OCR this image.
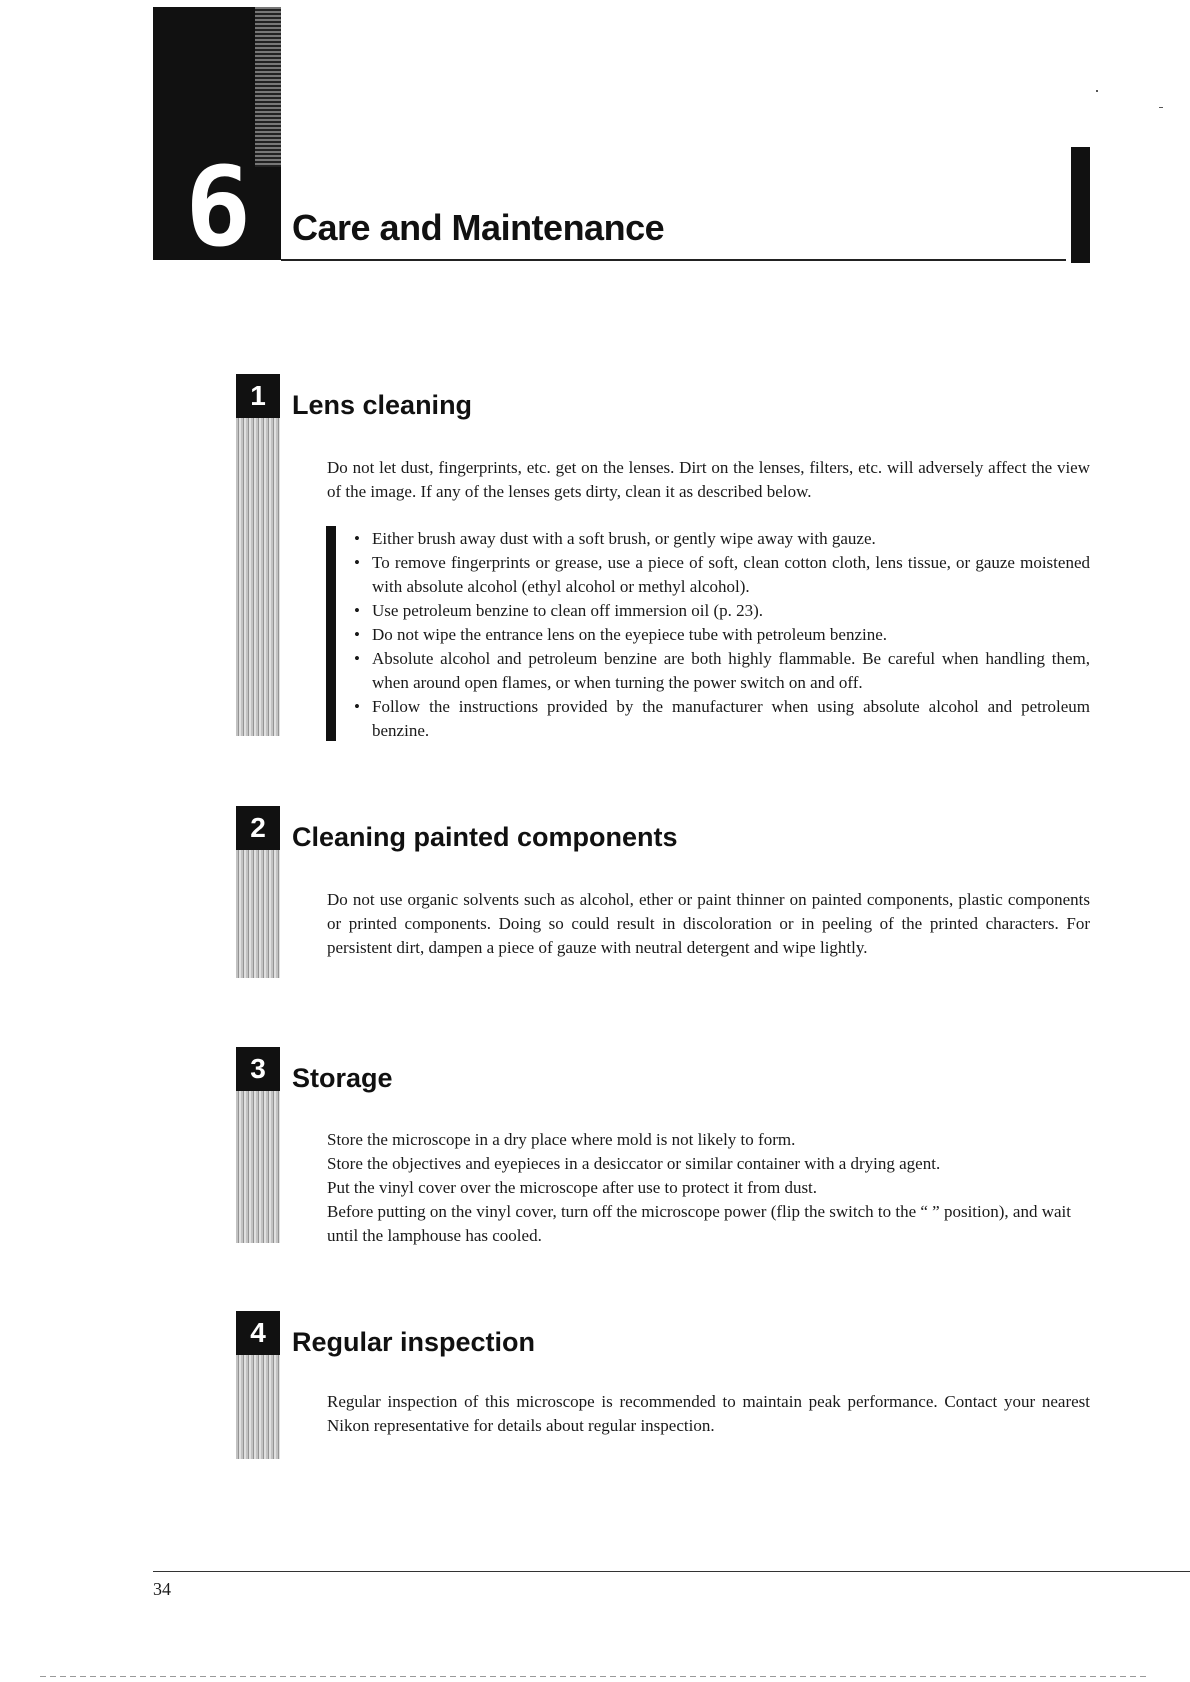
6 Care and Maintenance
1 Lens cleaning

Do not let dust, fingerprints, etc. get on the lenses. Dirt on the lenses, filters, etc. will adversely affect the view of the image. If any of the lenses gets dirty, clean it as described below.

• Either brush away dust with a soft brush, or gently wipe away with gauze.
• To remove fingerprints or grease, use a piece of soft, clean cotton cloth, lens tissue, or gauze moistened with absolute alcohol (ethyl alcohol or methyl alcohol).
• Use petroleum benzine to clean off immersion oil (p. 23).
• Do not wipe the entrance lens on the eyepiece tube with petroleum benzine.
• Absolute alcohol and petroleum benzine are both highly flammable. Be careful when handling them, when around open flames, or when turning the power switch on and off.
• Follow the instructions provided by the manufacturer when using absolute alcohol and petroleum benzine.
2 Cleaning painted components

Do not use organic solvents such as alcohol, ether or paint thinner on painted components, plastic components or printed components. Doing so could result in discoloration or in peeling of the printed characters. For persistent dirt, dampen a piece of gauze with neutral detergent and wipe lightly.

3 Storage

Store the microscope in a dry place where mold is not likely to form.

Store the objectives and eyepieces in a desiccator or similar container with a drying agent.

Put the vinyl cover over the microscope after use to protect it from dust.

Before putting on the vinyl cover, turn off the microscope power (flip the switch to the “ ” position), and wait until the lamphouse has cooled.

4 Regular inspection

Regular inspection of this microscope is recommended to maintain peak performance. Contact your nearest Nikon representative for details about regular inspection.

34
